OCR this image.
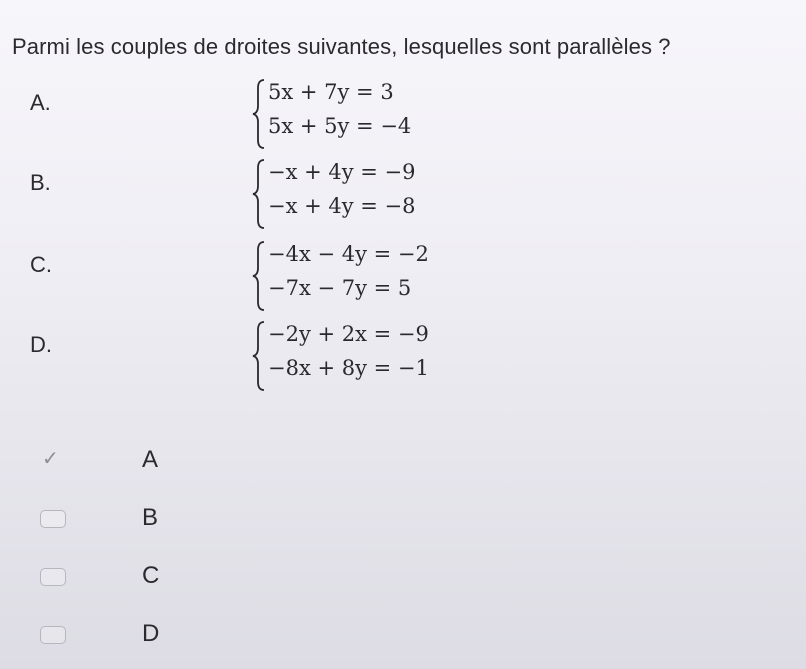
Parmi les couples de droites suivantes, lesquelles sont parallèles ?
A.	5x + 7y = 3
5x + 5y = −4
B.	−x + 4y = −9
−x + 4y = −8
C.	−4x − 4y = −2
−7x − 7y = 5
D.	−2y + 2x = −9
−8x + 8y = −1
✓	A
B
C
D
